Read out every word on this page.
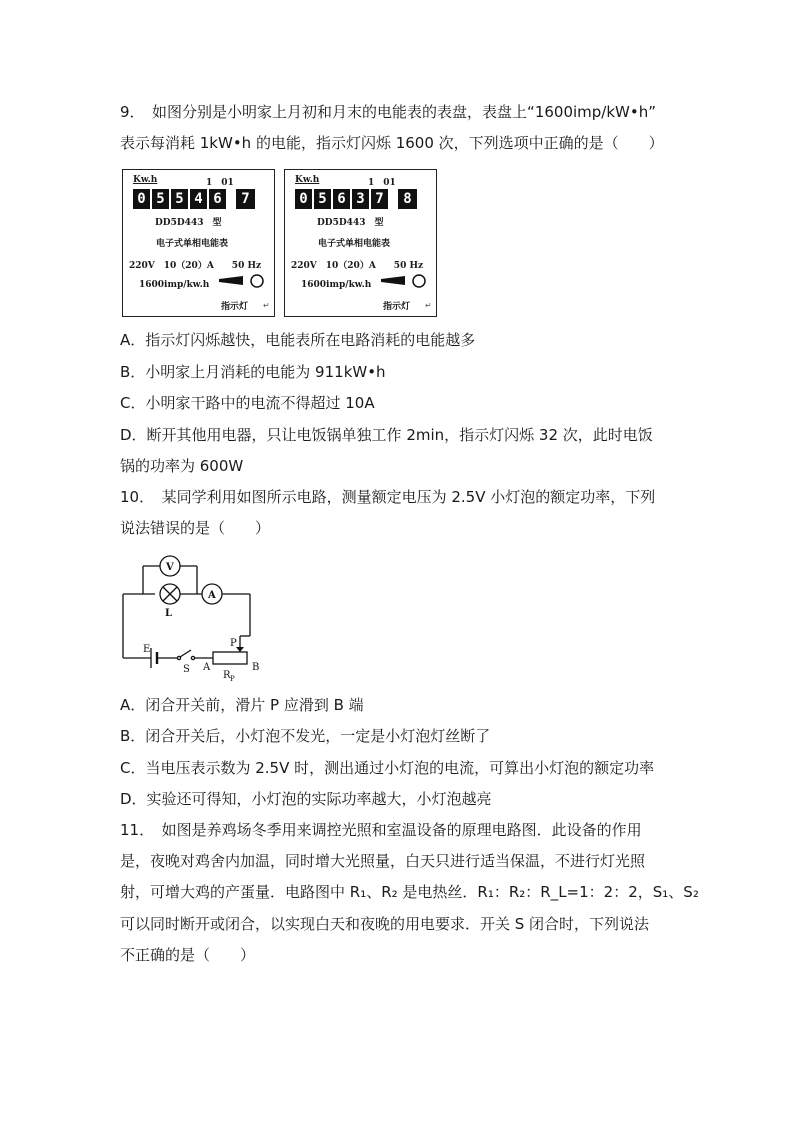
9．　如图分别是小明家上月初和月末的电能表的表盘，表盘上“1600imp/kW•h”
表示每消耗 1kW•h 的电能，指示灯闪烁 1600 次，下列选项中正确的是（　　）
Kw.h	1　01
0 5 5 4 6	7
DD5D443　型
电子式单相电能表
220V　10（20）A　　50 Hz
1600imp/kw.h
指示灯 ↵
Kw.h	1　01
0 5 6 3 7	8
DD5D443　型
电子式单相电能表
220V　10（20）A　　50 Hz
1600imp/kw.h
指示灯 ↵
A．指示灯闪烁越快，电能表所在电路消耗的电能越多
B．小明家上月消耗的电能为 911kW•h
C．小明家干路中的电流不得超过 10A
D．断开其他用电器，只让电饭锅单独工作 2min，指示灯闪烁 32 次，此时电饭
锅的功率为 600W
10．　某同学利用如图所示电路，测量额定电压为 2.5V 小灯泡的额定功率，下列
说法错误的是（　　）
V
A
L
E
S
P
A	B
R P
A．闭合开关前，滑片 P 应滑到 B 端
B．闭合开关后，小灯泡不发光，一定是小灯泡灯丝断了
C．当电压表示数为 2.5V 时，测出通过小灯泡的电流，可算出小灯泡的额定功率
D．实验还可得知，小灯泡的实际功率越大，小灯泡越亮
11．　如图是养鸡场冬季用来调控光照和室温设备的原理电路图．此设备的作用
是，夜晚对鸡舍内加温，同时增大光照量，白天只进行适当保温，不进行灯光照
射，可增大鸡的产蛋量．电路图中 R₁、R₂ 是电热丝．R₁：R₂：R_L=1：2：2，S₁、S₂
可以同时断开或闭合，以实现白天和夜晚的用电要求．开关 S 闭合时，下列说法
不正确的是（　　）
